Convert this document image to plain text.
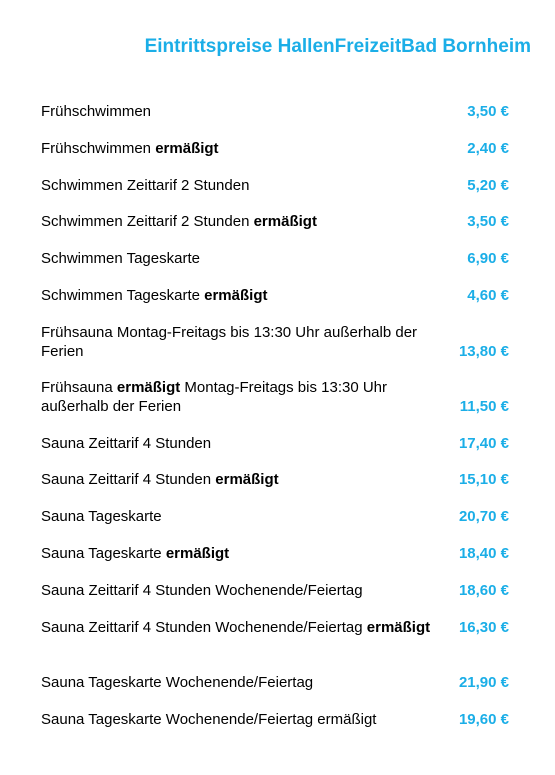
Eintrittspreise HallenFreizeitBad Bornheim
Frühschwimmen	3,50 €
Frühschwimmen ermäßigt	2,40 €
Schwimmen Zeittarif 2 Stunden	5,20 €
Schwimmen Zeittarif 2 Stunden ermäßigt	3,50 €
Schwimmen Tageskarte	6,90 €
Schwimmen Tageskarte ermäßigt	4,60 €
Frühsauna Montag-Freitags bis 13:30 Uhr außerhalb der Ferien	13,80 €
Frühsauna ermäßigt Montag-Freitags bis 13:30 Uhr außerhalb der Ferien	11,50 €
Sauna Zeittarif 4 Stunden	17,40 €
Sauna Zeittarif 4 Stunden ermäßigt	15,10 €
Sauna Tageskarte	20,70 €
Sauna Tageskarte ermäßigt	18,40 €
Sauna Zeittarif 4 Stunden Wochenende/Feiertag	18,60 €
Sauna Zeittarif 4 Stunden Wochenende/Feiertag ermäßigt 16,30 €
Sauna Tageskarte Wochenende/Feiertag	21,90 €
Sauna Tageskarte Wochenende/Feiertag ermäßigt	19,60 €
